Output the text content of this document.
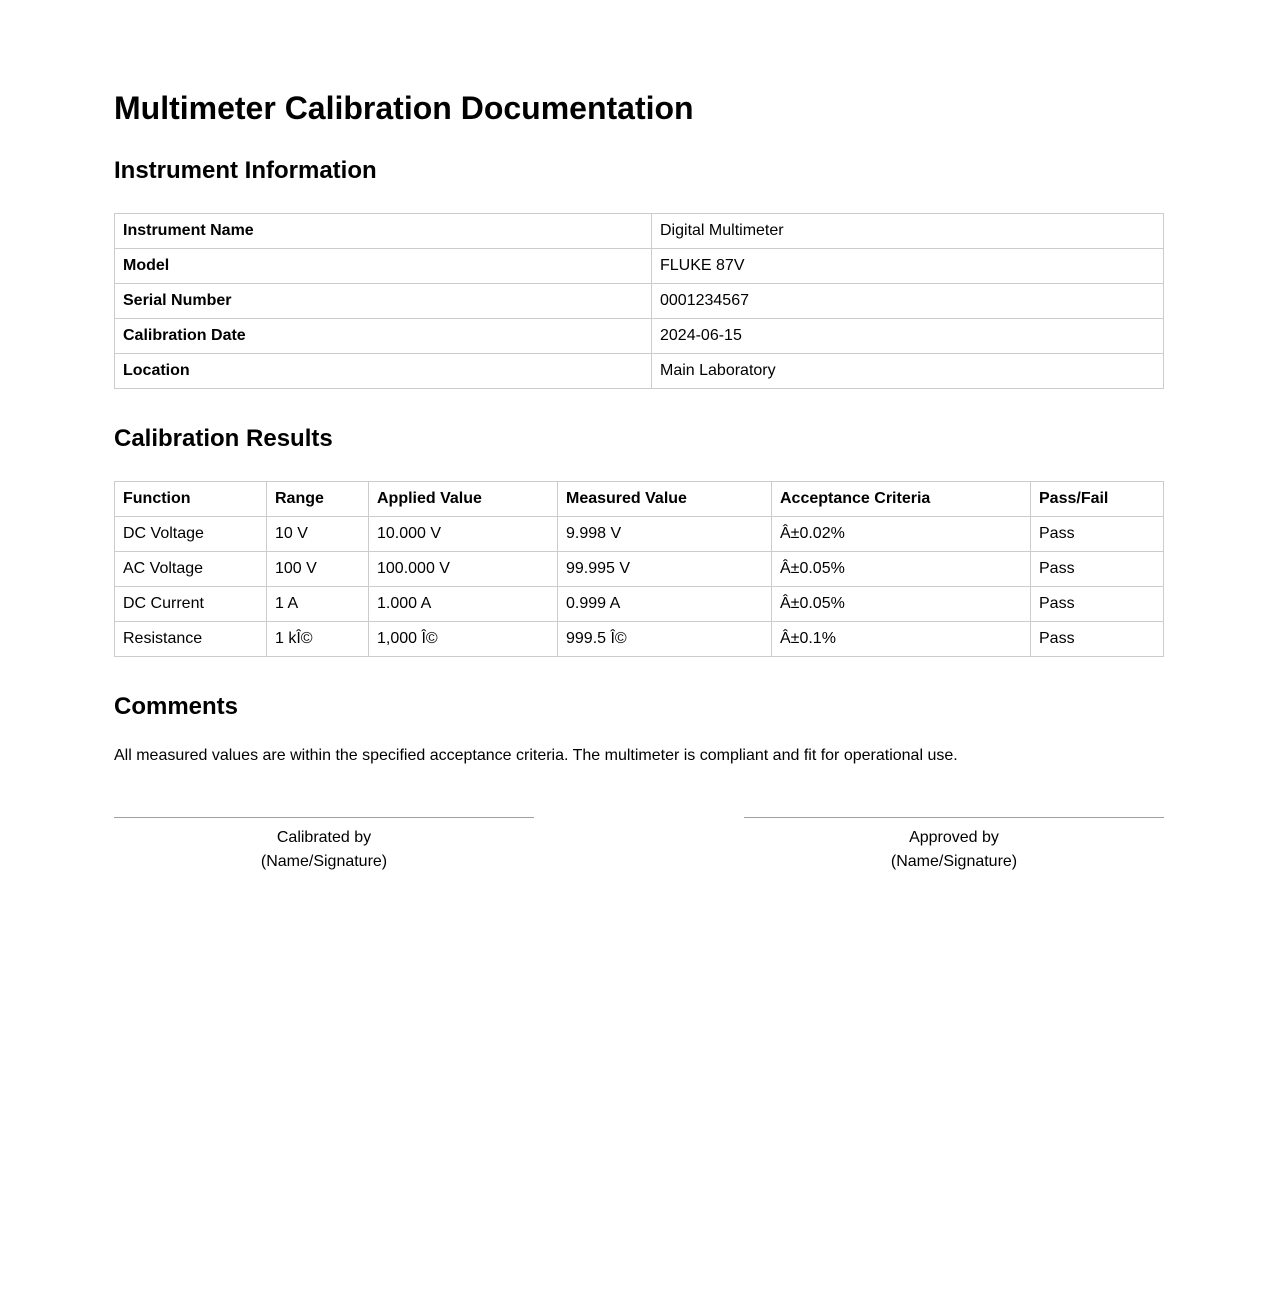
Multimeter Calibration Documentation
Instrument Information
Instrument Name	Digital Multimeter
Model	FLUKE 87V
Serial Number	0001234567
Calibration Date	2024-06-15
Location	Main Laboratory
Calibration Results
Function	Range	Applied Value	Measured Value	Acceptance Criteria	Pass/Fail
DC Voltage	10 V	10.000 V	9.998 V	Â±0.02%	Pass
AC Voltage	100 V	100.000 V	99.995 V	Â±0.05%	Pass
DC Current	1 A	1.000 A	0.999 A	Â±0.05%	Pass
Resistance	1 kÎ©	1,000 Î©	999.5 Î©	Â±0.1%	Pass
Comments

All measured values are within the specified acceptance criteria. The multimeter is compliant and fit for operational use.

Calibrated by
(Name/Signature)
Approved by
(Name/Signature)
